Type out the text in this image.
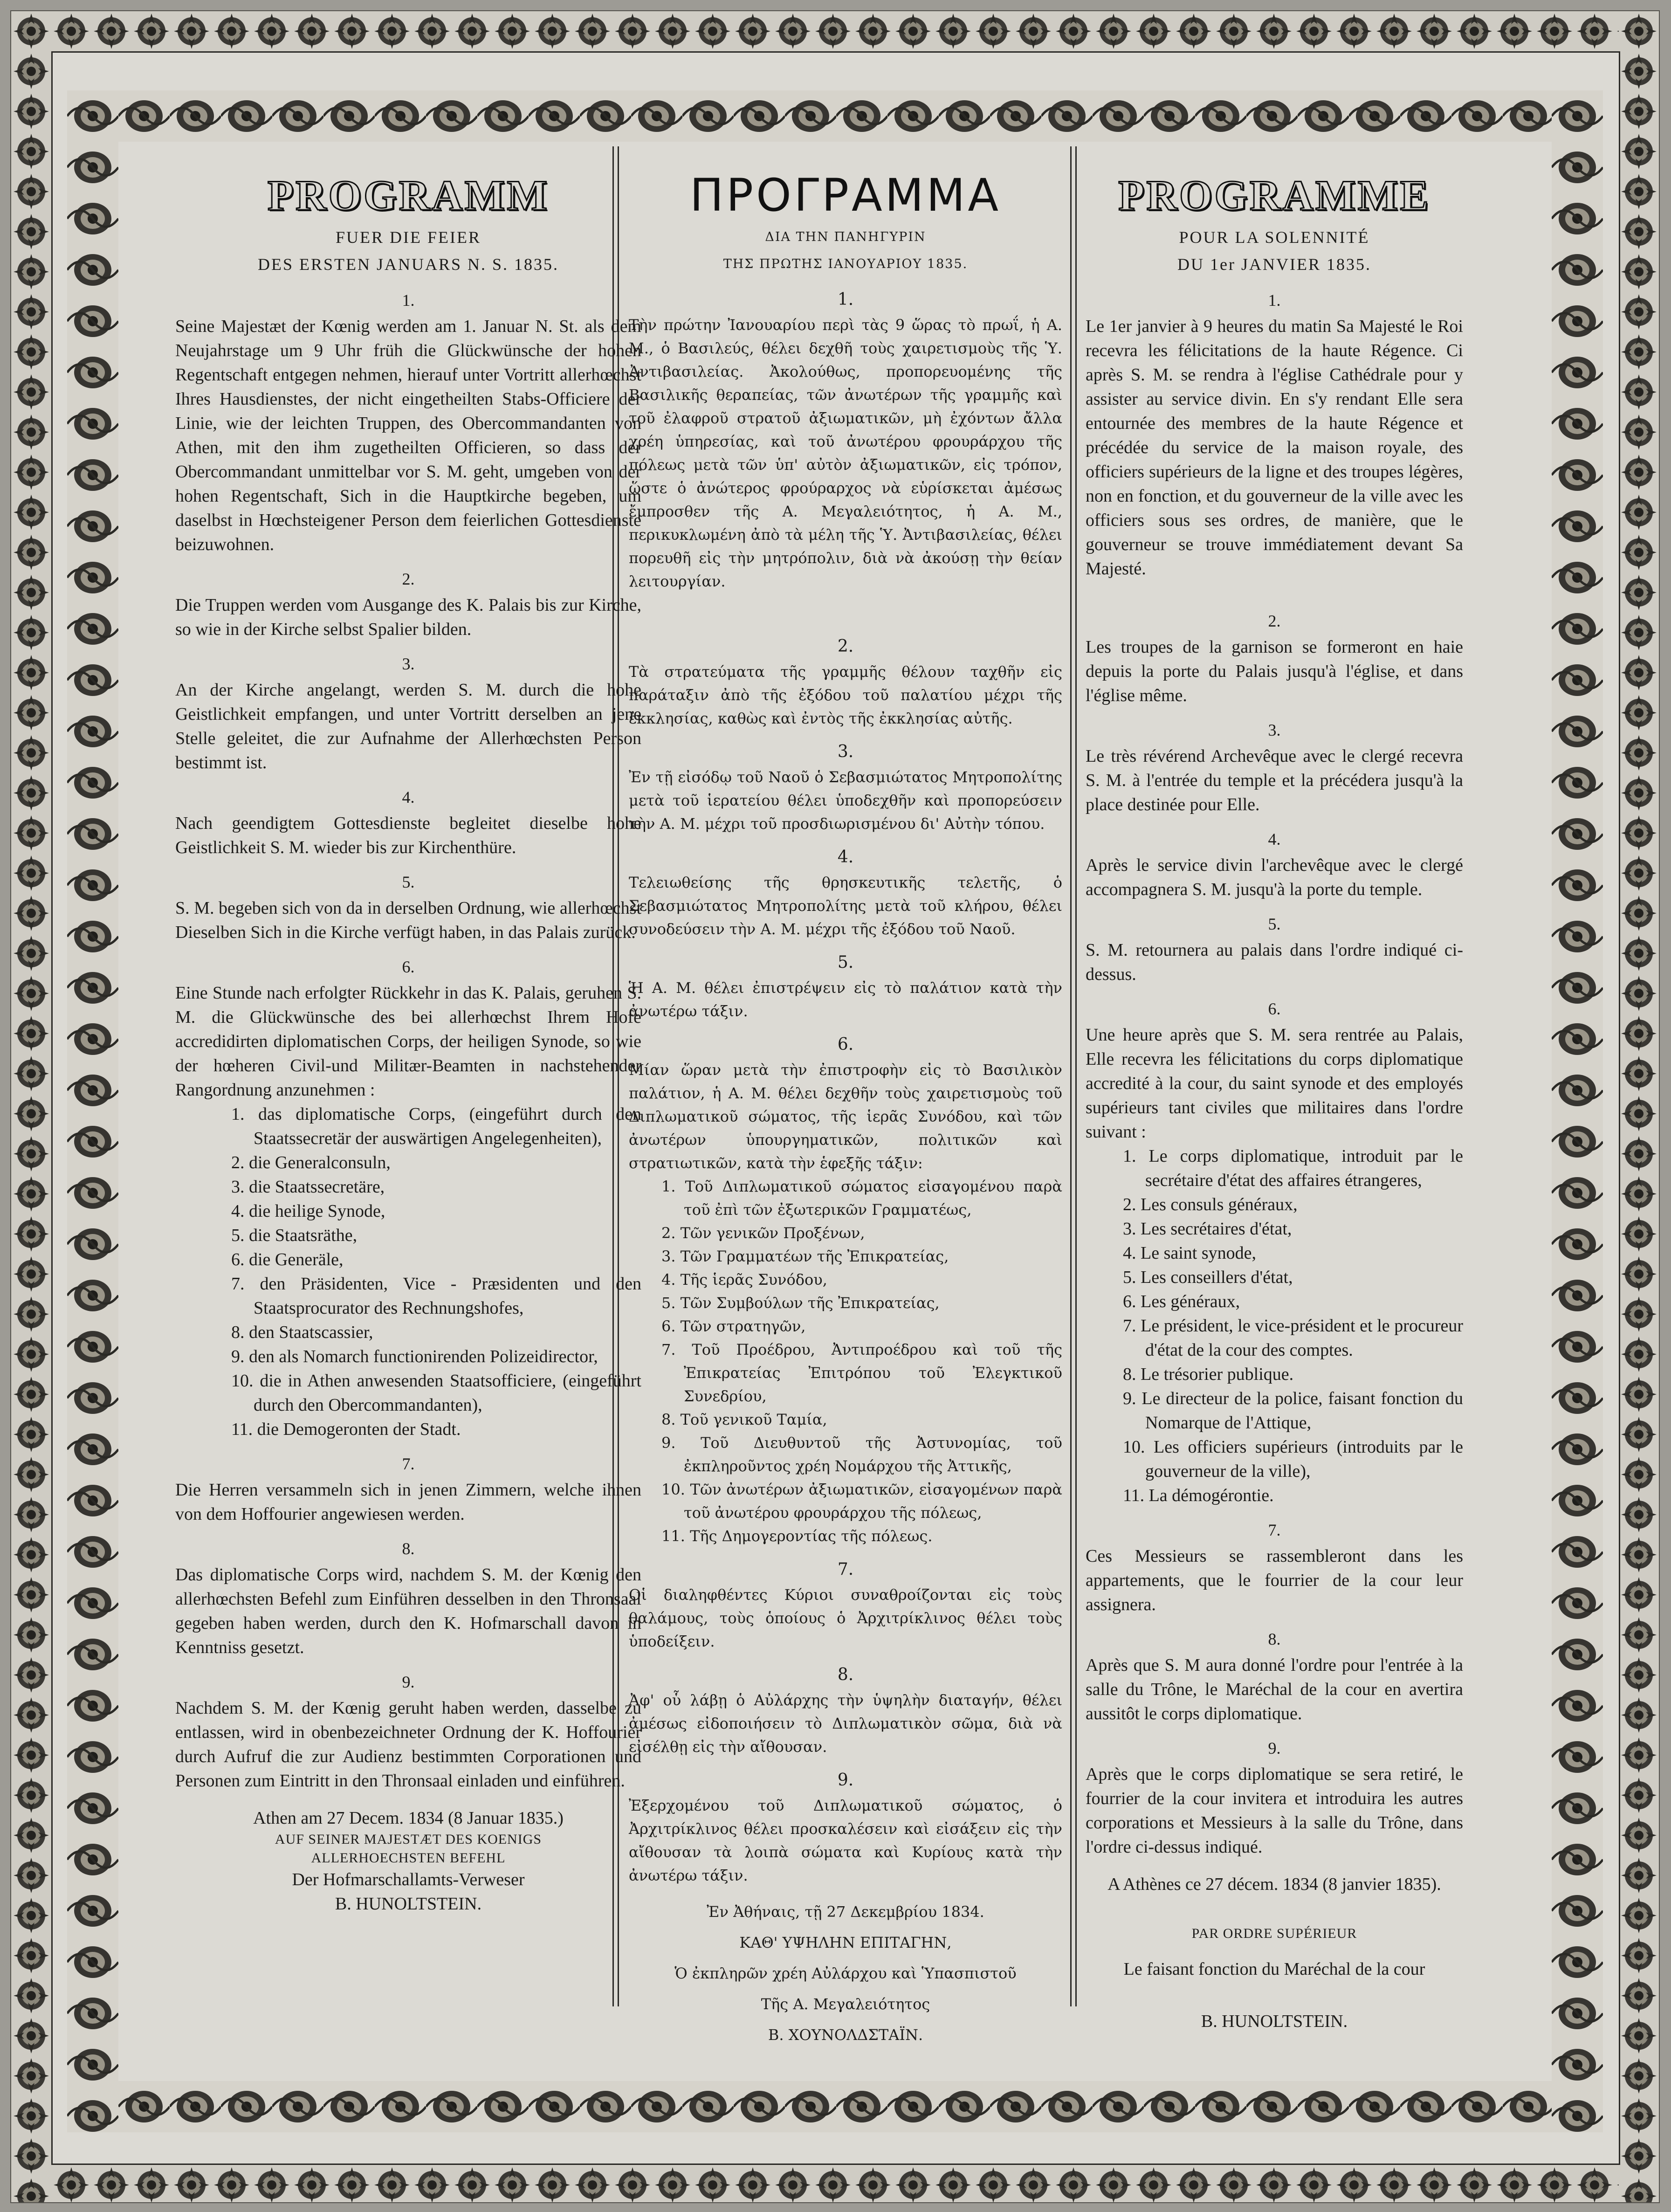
PROGRAMM
FUER DIE FEIER
DES ERSTEN JANUARS N. S. 1835.
1.

Seine Majestæt der Kœnig werden am 1. Januar N. St. als dem Neujahrstage um 9 Uhr früh die Glückwünsche der hohen Regentschaft entgegen nehmen, hierauf unter Vortritt allerhœchst Ihres Hausdienstes, der nicht eingetheilten Stabs-Officiere der Linie, wie der leichten Truppen, des Obercommandanten von Athen, mit den ihm zugetheilten Officieren, so dass der Obercommandant unmittelbar vor S. M. geht, umgeben von der hohen Regentschaft, Sich in die Hauptkirche begeben, um daselbst in Hœchsteigener Person dem feierlichen Gottesdienste beizuwohnen.

2.

Die Truppen werden vom Ausgange des K. Palais bis zur Kirche, so wie in der Kirche selbst Spalier bilden.

3.

An der Kirche angelangt, werden S. M. durch die hohe Geistlichkeit empfangen, und unter Vortritt derselben an jene Stelle geleitet, die zur Aufnahme der Allerhœchsten Person bestimmt ist.

4.

Nach geendigtem Gottesdienste begleitet dieselbe hohe Geistlichkeit S. M. wieder bis zur Kirchenthüre.

5.

S. M. begeben sich von da in derselben Ordnung, wie allerhœchst Dieselben Sich in die Kirche verfügt haben, in das Palais zurück.

6.

Eine Stunde nach erfolgter Rückkehr in das K. Palais, geruhen S. M. die Glückwünsche des bei allerhœchst Ihrem Hofe accredidirten diplomatischen Corps, der heiligen Synode, so wie der hœheren Civil-und Militær-Beamten in nachstehender Rangordnung anzunehmen :

1. das diplomatische Corps, (eingeführt durch den Staatssecretär der auswärtigen Angelegenheiten),
2. die Generalconsuln,
3. die Staatssecretäre,
4. die heilige Synode,
5. die Staatsräthe,
6. die Generäle,
7. den Präsidenten, Vice - Præsidenten und den Staatsprocurator des Rechnungshofes,
8. den Staatscassier,
9. den als Nomarch functionirenden Polizeidirector,
10. die in Athen anwesenden Staatsofficiere, (eingeführt durch den Obercommandanten),
11. die Demogeronten der Stadt.
7.

Die Herren versammeln sich in jenen Zimmern, welche ihnen von dem Hoffourier angewiesen werden.

8.

Das diplomatische Corps wird, nachdem S. M. der Kœnig den allerhœchsten Befehl zum Einführen desselben in den Thronsaal gegeben haben werden, durch den K. Hofmarschall davon in Kenntniss gesetzt.

9.

Nachdem S. M. der Kœnig geruht haben werden, dasselbe zu entlassen, wird in obenbezeichneter Ordnung der K. Hoffourier durch Aufruf die zur Audienz bestimmten Corporationen und Personen zum Eintritt in den Thronsaal einladen und einführen.

Athen am 27 Decem. 1834 (8 Januar 1835.)
AUF SEINER MAJESTÆT DES KOENIGS
ALLERHOECHSTEN BEFEHL
Der Hofmarschallamts-Verweser
B. HUNOLTSTEIN.
ΠΡΟΓΡΑΜΜΑ
ΔΙΑ ΤΗΝ ΠΑΝΗΓΥΡΙΝ
ΤΗΣ ΠΡΩΤΗΣ ΙΑΝΟΥΑΡΙΟΥ 1835.
1.

Τὴν πρώτην Ἰανουαρίου περὶ τὰς 9 ὥρας τὸ πρωΐ, ἡ Α. Μ., ὁ Βασιλεύς, θέλει δεχθῆ τοὺς χαιρετισμοὺς τῆς Ὑ. Ἀντιβασιλείας. Ἀκολούθως, προπορευομένης τῆς Βασιλικῆς θεραπείας, τῶν ἀνωτέρων τῆς γραμμῆς καὶ τοῦ ἐλαφροῦ στρατοῦ ἀξιωματικῶν, μὴ ἐχόντων ἄλλα χρέη ὑπηρεσίας, καὶ τοῦ ἀνωτέρου φρουράρχου τῆς πόλεως μετὰ τῶν ὑπ' αὐτὸν ἀξιωματικῶν, εἰς τρόπον, ὥστε ὁ ἀνώτερος φρούραρχος νὰ εὑρίσκεται ἀμέσως ἔμπροσθεν τῆς Α. Μεγαλειότητος, ἡ Α. Μ., περικυκλωμένη ἀπὸ τὰ μέλη τῆς Ὑ. Ἀντιβασιλείας, θέλει πορευθῆ εἰς τὴν μητρόπολιν, διὰ νὰ ἀκούσῃ τὴν θείαν λειτουργίαν.

2.

Τὰ στρατεύματα τῆς γραμμῆς θέλουν ταχθῆν εἰς παράταξιν ἀπὸ τῆς ἐξόδου τοῦ παλατίου μέχρι τῆς ἐκκλησίας, καθὼς καὶ ἐντὸς τῆς ἐκκλησίας αὐτῆς.

3.

Ἐν τῇ εἰσόδῳ τοῦ Ναοῦ ὁ Σεβασμιώτατος Μητροπολίτης μετὰ τοῦ ἱερατείου θέλει ὑποδεχθῆν καὶ προπορεύσειν τὴν Α. Μ. μέχρι τοῦ προσδιωρισμένου δι' Αὐτὴν τόπου.

4.

Τελειωθείσης τῆς θρησκευτικῆς τελετῆς, ὁ Σεβασμιώτατος Μητροπολίτης μετὰ τοῦ κλήρου, θέλει συνοδεύσειν τὴν Α. Μ. μέχρι τῆς ἐξόδου τοῦ Ναοῦ.

5.

Ἡ Α. Μ. θέλει ἐπιστρέψειν εἰς τὸ παλάτιον κατὰ τὴν ἀνωτέρω τάξιν.

6.

Μίαν ὥραν μετὰ τὴν ἐπιστροφὴν εἰς τὸ Βασιλικὸν παλάτιον, ἡ Α. Μ. θέλει δεχθῆν τοὺς χαιρετισμοὺς τοῦ Διπλωματικοῦ σώματος, τῆς ἱερᾶς Συνόδου, καὶ τῶν ἀνωτέρων ὑπουργηματικῶν, πολιτικῶν καὶ στρατιωτικῶν, κατὰ τὴν ἑφεξῆς τάξιν:

1. Τοῦ Διπλωματικοῦ σώματος εἰσαγομένου παρὰ τοῦ ἐπὶ τῶν ἐξωτερικῶν Γραμματέως,
2. Τῶν γενικῶν Προξένων,
3. Τῶν Γραμματέων τῆς Ἐπικρατείας,
4. Τῆς ἱερᾶς Συνόδου,
5. Τῶν Συμβούλων τῆς Ἐπικρατείας,
6. Τῶν στρατηγῶν,
7. Τοῦ Προέδρου, Ἀντιπροέδρου καὶ τοῦ τῆς Ἐπικρατείας Ἐπιτρόπου τοῦ Ἐλεγκτικοῦ Συνεδρίου,
8. Τοῦ γενικοῦ Ταμία,
9. Τοῦ Διευθυντοῦ τῆς Ἀστυνομίας, τοῦ ἐκπληροῦντος χρέη Νομάρχου τῆς Ἀττικῆς,
10. Τῶν ἀνωτέρων ἀξιωματικῶν, εἰσαγομένων παρὰ τοῦ ἀνωτέρου φρουράρχου τῆς πόλεως,
11. Τῆς Δημογεροντίας τῆς πόλεως.
7.

Οἱ διαληφθέντες Κύριοι συναθροίζονται εἰς τοὺς θαλάμους, τοὺς ὁποίους ὁ Ἀρχιτρίκλινος θέλει τοὺς ὑποδείξειν.

8.

Ἀφ' οὗ λάβῃ ὁ Αὐλάρχης τὴν ὑψηλὴν διαταγήν, θέλει ἀμέσως εἰδοποιήσειν τὸ Διπλωματικὸν σῶμα, διὰ νὰ εἰσέλθῃ εἰς τὴν αἴθουσαν.

9.

Ἐξερχομένου τοῦ Διπλωματικοῦ σώματος, ὁ Ἀρχιτρίκλινος θέλει προσκαλέσειν καὶ εἰσάξειν εἰς τὴν αἴθουσαν τὰ λοιπὰ σώματα καὶ Κυρίους κατὰ τὴν ἀνωτέρω τάξιν.

Ἐν Ἀθήναις, τῇ 27 Δεκεμβρίου 1834.
ΚΑΘ' ΥΨΗΛΗΝ ΕΠΙΤΑΓΗΝ,
Ὁ ἐκπληρῶν χρέη Αὐλάρχου καὶ Ὑπασπιστοῦ
Τῆς Α. Μεγαλειότητος
Β. ΧΟΥΝΟΛΔΣΤΑΪΝ.
PROGRAMME
POUR LA SOLENNITÉ
DU 1er JANVIER 1835.
1.

Le 1er janvier à 9 heures du matin Sa Majesté le Roi recevra les félicitations de la haute Régence. Ci après S. M. se rendra à l'église Cathédrale pour y assister au service divin. En s'y rendant Elle sera entournée des membres de la haute Régence et précédée du service de la maison royale, des officiers supérieurs de la ligne et des troupes légères, non en fonction, et du gouverneur de la ville avec les officiers sous ses ordres, de manière, que le gouverneur se trouve immédiatement devant Sa Majesté.

2.

Les troupes de la garnison se formeront en haie depuis la porte du Palais jusqu'à l'église, et dans l'église même.

3.

Le très révérend Archevêque avec le clergé recevra S. M. à l'entrée du temple et la précédera jusqu'à la place destinée pour Elle.

4.

Après le service divin l'archevêque avec le clergé accompagnera S. M. jusqu'à la porte du temple.

5.

S. M. retournera au palais dans l'ordre indiqué ci-dessus.

6.

Une heure après que S. M. sera rentrée au Palais, Elle recevra les félicitations du corps diplomatique accredité à la cour, du saint synode et des employés supérieurs tant civiles que militaires dans l'ordre suivant :

1. Le corps diplomatique, introduit par le secrétaire d'état des affaires étrangeres,
2. Les consuls généraux,
3. Les secrétaires d'état,
4. Le saint synode,
5. Les conseillers d'état,
6. Les généraux,
7. Le président, le vice-président et le procureur d'état de la cour des comptes.
8. Le trésorier publique.
9. Le directeur de la police, faisant fonction du Nomarque de l'Attique,
10. Les officiers supérieurs (introduits par le gouverneur de la ville),
11. La démogérontie.
7.

Ces Messieurs se rassembleront dans les appartements, que le fourrier de la cour leur assignera.

8.

Après que S. M aura donné l'ordre pour l'entrée à la salle du Trône, le Maréchal de la cour en avertira aussitôt le corps diplomatique.

9.

Après que le corps diplomatique se sera retiré, le fourrier de la cour invitera et introduira les autres corporations et Messieurs à la salle du Trône, dans l'ordre ci-dessus indiqué.

A Athènes ce 27 décem. 1834 (8 janvier 1835).
PAR ORDRE SUPÉRIEUR
Le faisant fonction du Maréchal de la cour
B. HUNOLTSTEIN.
